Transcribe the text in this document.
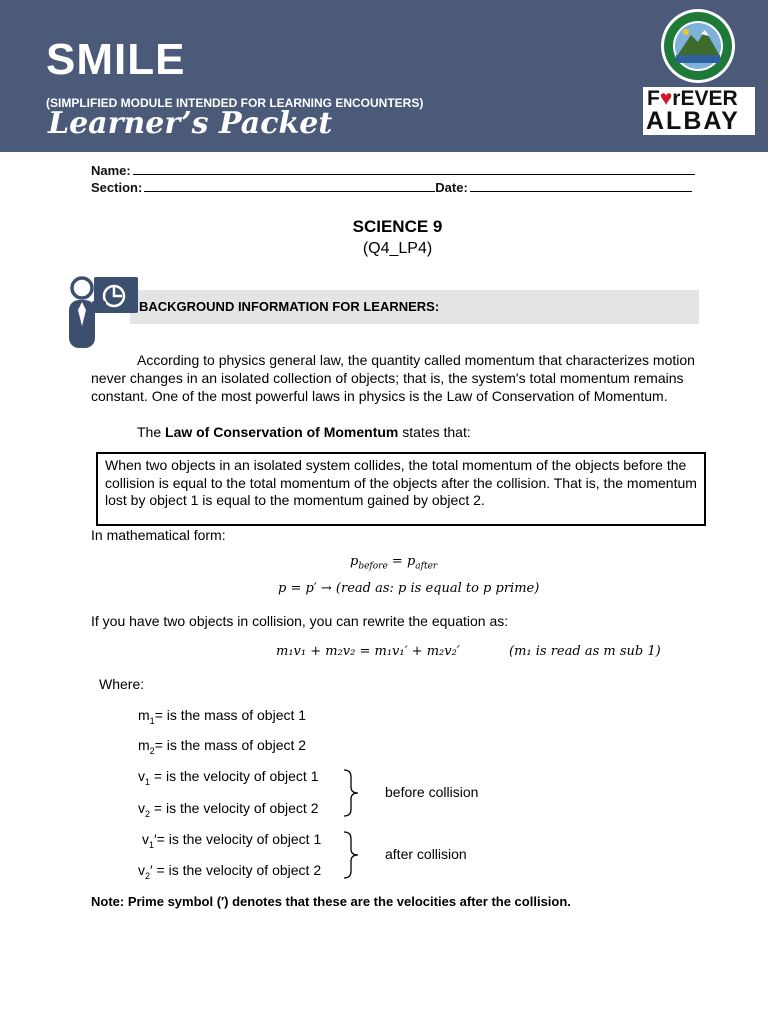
SMILE
(SIMPLIFIED MODULE INTENDED FOR LEARNING ENCOUNTERS)
Learner’s Packet
F♥rEVER
ALBAY
Name:
Section:	Date:
SCIENCE 9
(Q4_LP4)
BACKGROUND INFORMATION FOR LEARNERS:
According to physics general law, the quantity called momentum that characterizes motion never changes in an isolated collection of objects; that is, the system's total momentum remains constant. One of the most powerful laws in physics is the Law of Conservation of Momentum.
The Law of Conservation of Momentum states that:
When two objects in an isolated system collides, the total momentum of the objects before the collision is equal to the total momentum of the objects after the collision. That is, the momentum lost by object 1 is equal to the momentum gained by object 2.
In mathematical form:
$p_{before} = p_{after}$
p = p′ → (read as: p is equal to p prime)
If you have two objects in collision, you can rewrite the equation as:
m₁v₁ + m₂v₂ = m₁v₁′ + m₂v₂′	(m₁ is read as m sub 1)
Where:
$m_1=$ is the mass of object 1
$m_2=$ is the mass of object 2
$v_1$ = is the velocity of object 1
$v_2$ = is the velocity of object 2
$v_1'=$ is the velocity of object 1
$v_2'$ = is the velocity of object 2
before collision
after collision
Note: Prime symbol (′) denotes that these are the velocities after the collision.
